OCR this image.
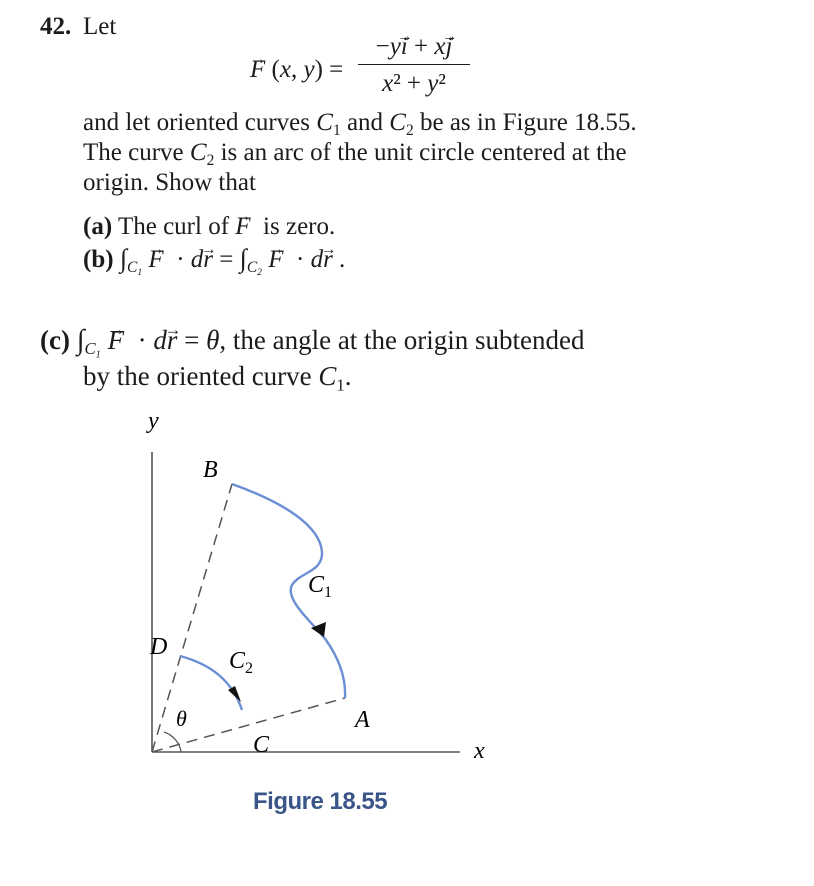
42. Let
→ F (x, y) =
−y→ i + x→ j
x² + y²
and let oriented curves $C_1$ and $C_2$ be as in Figure 18.55.
The curve $C_2$ is an arc of the unit circle centered at the
origin. Show that
(a) The curl of → F  is zero.
(b) $\int_{C_1} \to F \cdot d\to r = \int_{C_2} \to F \cdot d\to r$ .
(c) $\int_{C_1} \to F \cdot d\to r = \theta$, the angle at the origin subtended
by the oriented curve $C_1$.
y
x
B
D
A
C
θ
$C_1$
$C_2$
Figure 18.55
